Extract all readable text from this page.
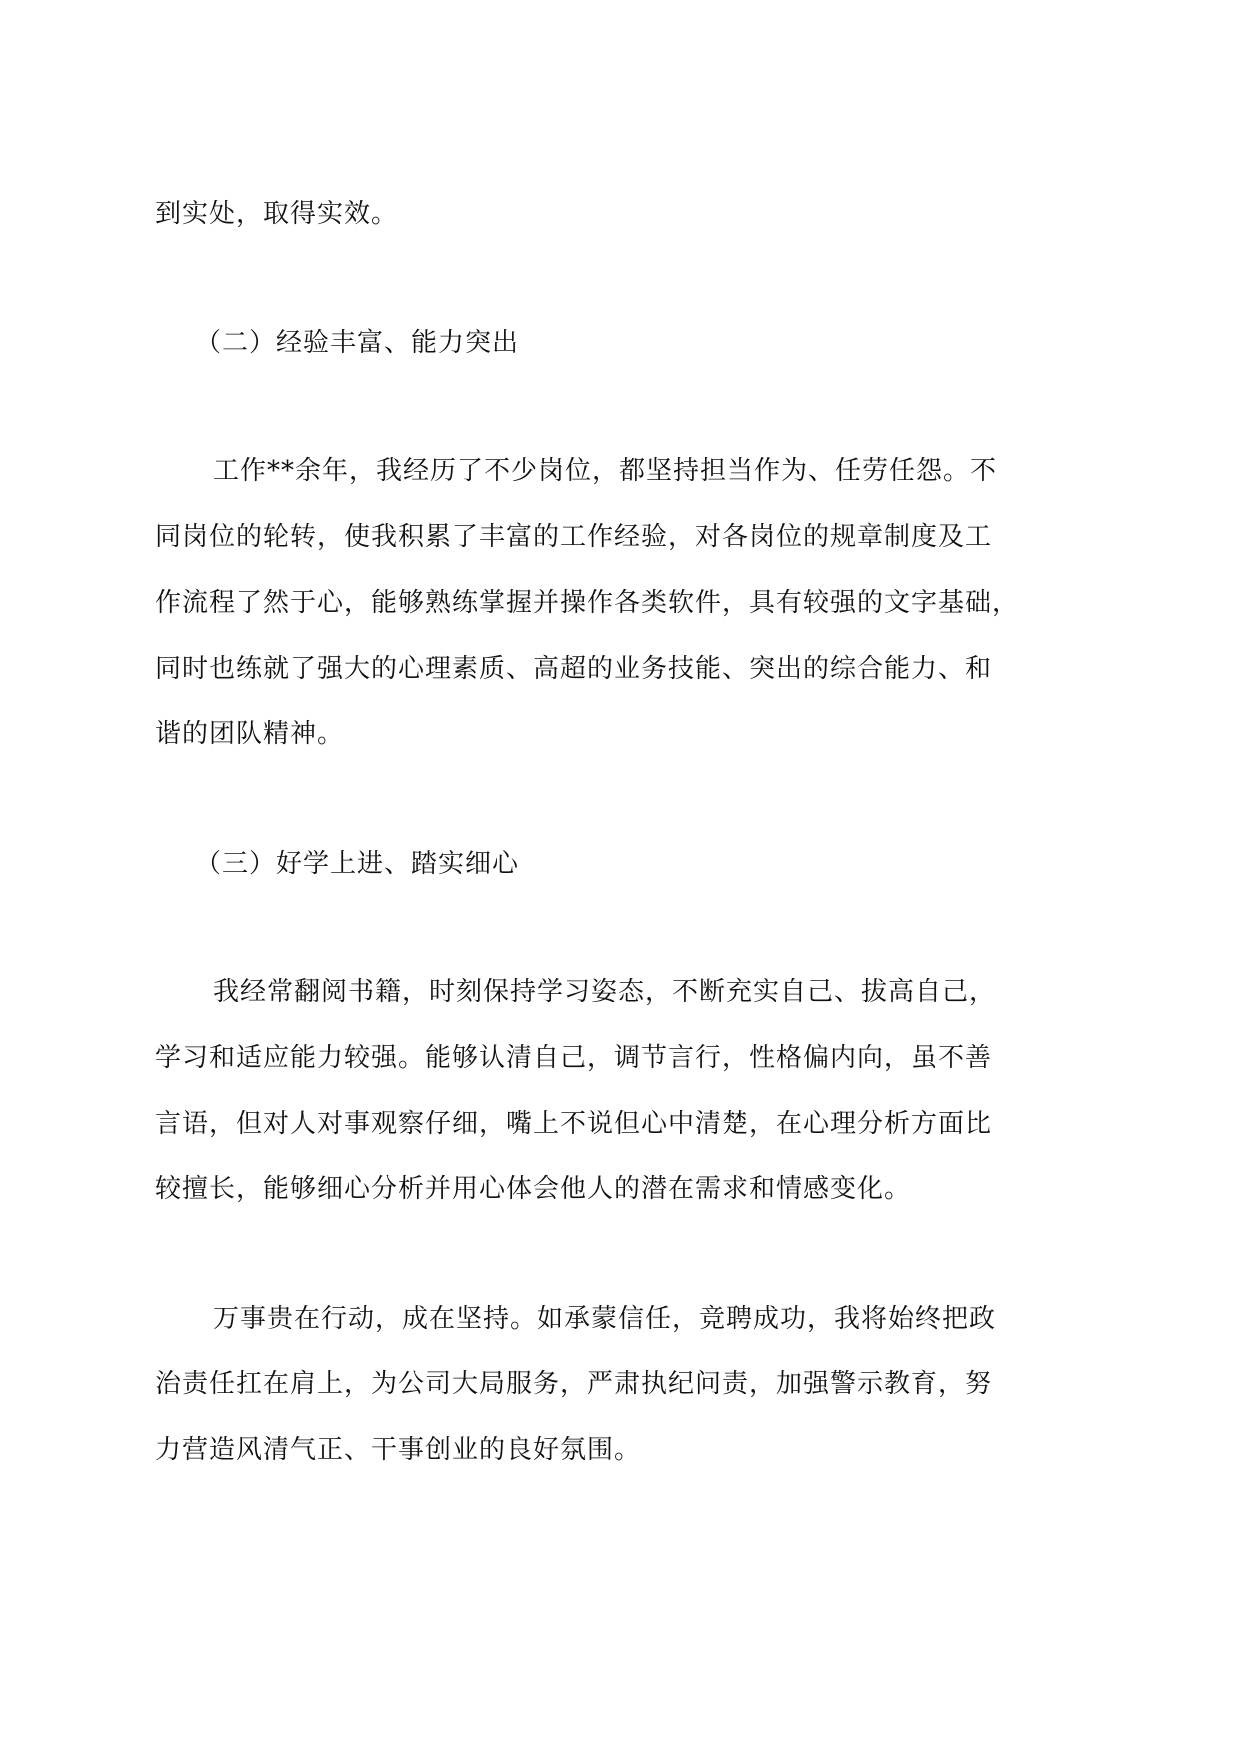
到实处，取得实效。
（二）经验丰富、能力突出
工作**余年，我经历了不少岗位，都坚持担当作为、任劳任怨。不
同岗位的轮转，使我积累了丰富的工作经验，对各岗位的规章制度及工
作流程了然于心，能够熟练掌握并操作各类软件，具有较强的文字基础，
同时也练就了强大的心理素质、高超的业务技能、突出的综合能力、和
谐的团队精神。
（三）好学上进、踏实细心
我经常翻阅书籍，时刻保持学习姿态，不断充实自己、拔高自己，
学习和适应能力较强。能够认清自己，调节言行，性格偏内向，虽不善
言语，但对人对事观察仔细，嘴上不说但心中清楚，在心理分析方面比
较擅长，能够细心分析并用心体会他人的潜在需求和情感变化。
万事贵在行动，成在坚持。如承蒙信任，竞聘成功，我将始终把政
治责任扛在肩上，为公司大局服务，严肃执纪问责，加强警示教育，努
力营造风清气正、干事创业的良好氛围。
